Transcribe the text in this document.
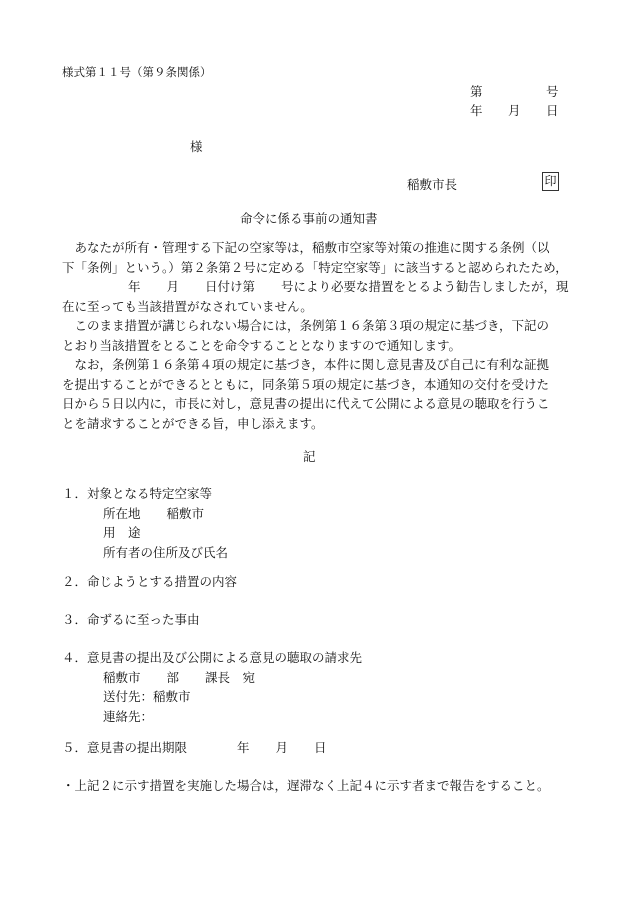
様式第１１号（第９条関係）
第	号
年 月 日
様
稲敷市長	印
命令に係る事前の通知書

　あなたが所有・管理する下記の空家等は，稲敷市空家等対策の推進に関する条例（以

下「条例」という。）第２条第２号に定める「特定空家等」に該当すると認められたため，

年 月 日付け第 号により必要な措置をとるよう勧告しましたが，現

在に至っても当該措置がなされていません。

　このまま措置が講じられない場合には，条例第１６条第３項の規定に基づき，下記の

とおり当該措置をとることを命令することとなりますので通知します。

　なお，条例第１６条第４項の規定に基づき，本件に関し意見書及び自己に有利な証拠

を提出することができるとともに，同条第５項の規定に基づき，本通知の交付を受けた

日から５日以内に，市長に対し，意見書の提出に代えて公開による意見の聴取を行うこ

とを請求することができる旨，申し添えます。

記
１．対象となる特定空家等
所在地 稲敷市
用　途
所有者の住所及び氏名
２．命じようとする措置の内容
３．命ずるに至った事由
４．意見書の提出及び公開による意見の聴取の請求先
稲敷市 部 課長　宛
送付先：稲敷市
連絡先：
５．意見書の提出期限	年 月 日
・上記２に示す措置を実施した場合は，遅滞なく上記４に示す者まで報告をすること。
